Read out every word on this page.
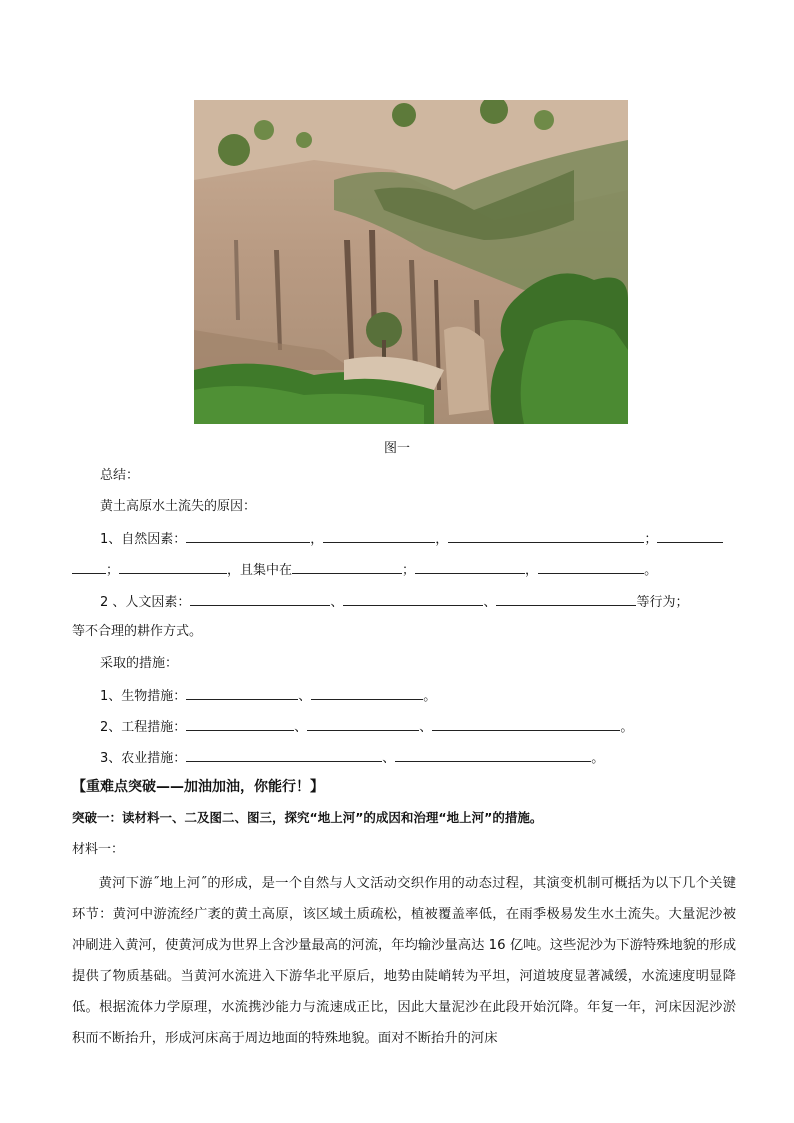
图一
总结：
黄土高原水土流失的原因：
1、自然因素：	，	，	；
；	，且集中在	；	，	。
2 、人文因素：	、	、	等行为；
等不合理的耕作方式。
采取的措施：
1、生物措施：	、	。
2、工程措施：	、	、	。
3、农业措施：	、	。
【重难点突破——加油加油，你能行！】
突破一：读材料一、二及图二、图三，探究“地上河”的成因和治理“地上河”的措施。
材料一：
黄河下游˝地上河˝的形成，是一个自然与人文活动交织作用的动态过程，其演变机制可概括为以下几个关键环节：黄河中游流经广袤的黄土高原，该区域土质疏松，植被覆盖率低，在雨季极易发生水土流失。大量泥沙被冲刷进入黄河，使黄河成为世界上含沙量最高的河流，年均输沙量高达 16 亿吨。这些泥沙为下游特殊地貌的形成提供了物质基础。当黄河水流进入下游华北平原后，地势由陡峭转为平坦，河道坡度显著减缓，水流速度明显降低。根据流体力学原理，水流携沙能力与流速成正比，因此大量泥沙在此段开始沉降。年复一年，河床因泥沙淤积而不断抬升，形成河床高于周边地面的特殊地貌。面对不断抬升的河床
